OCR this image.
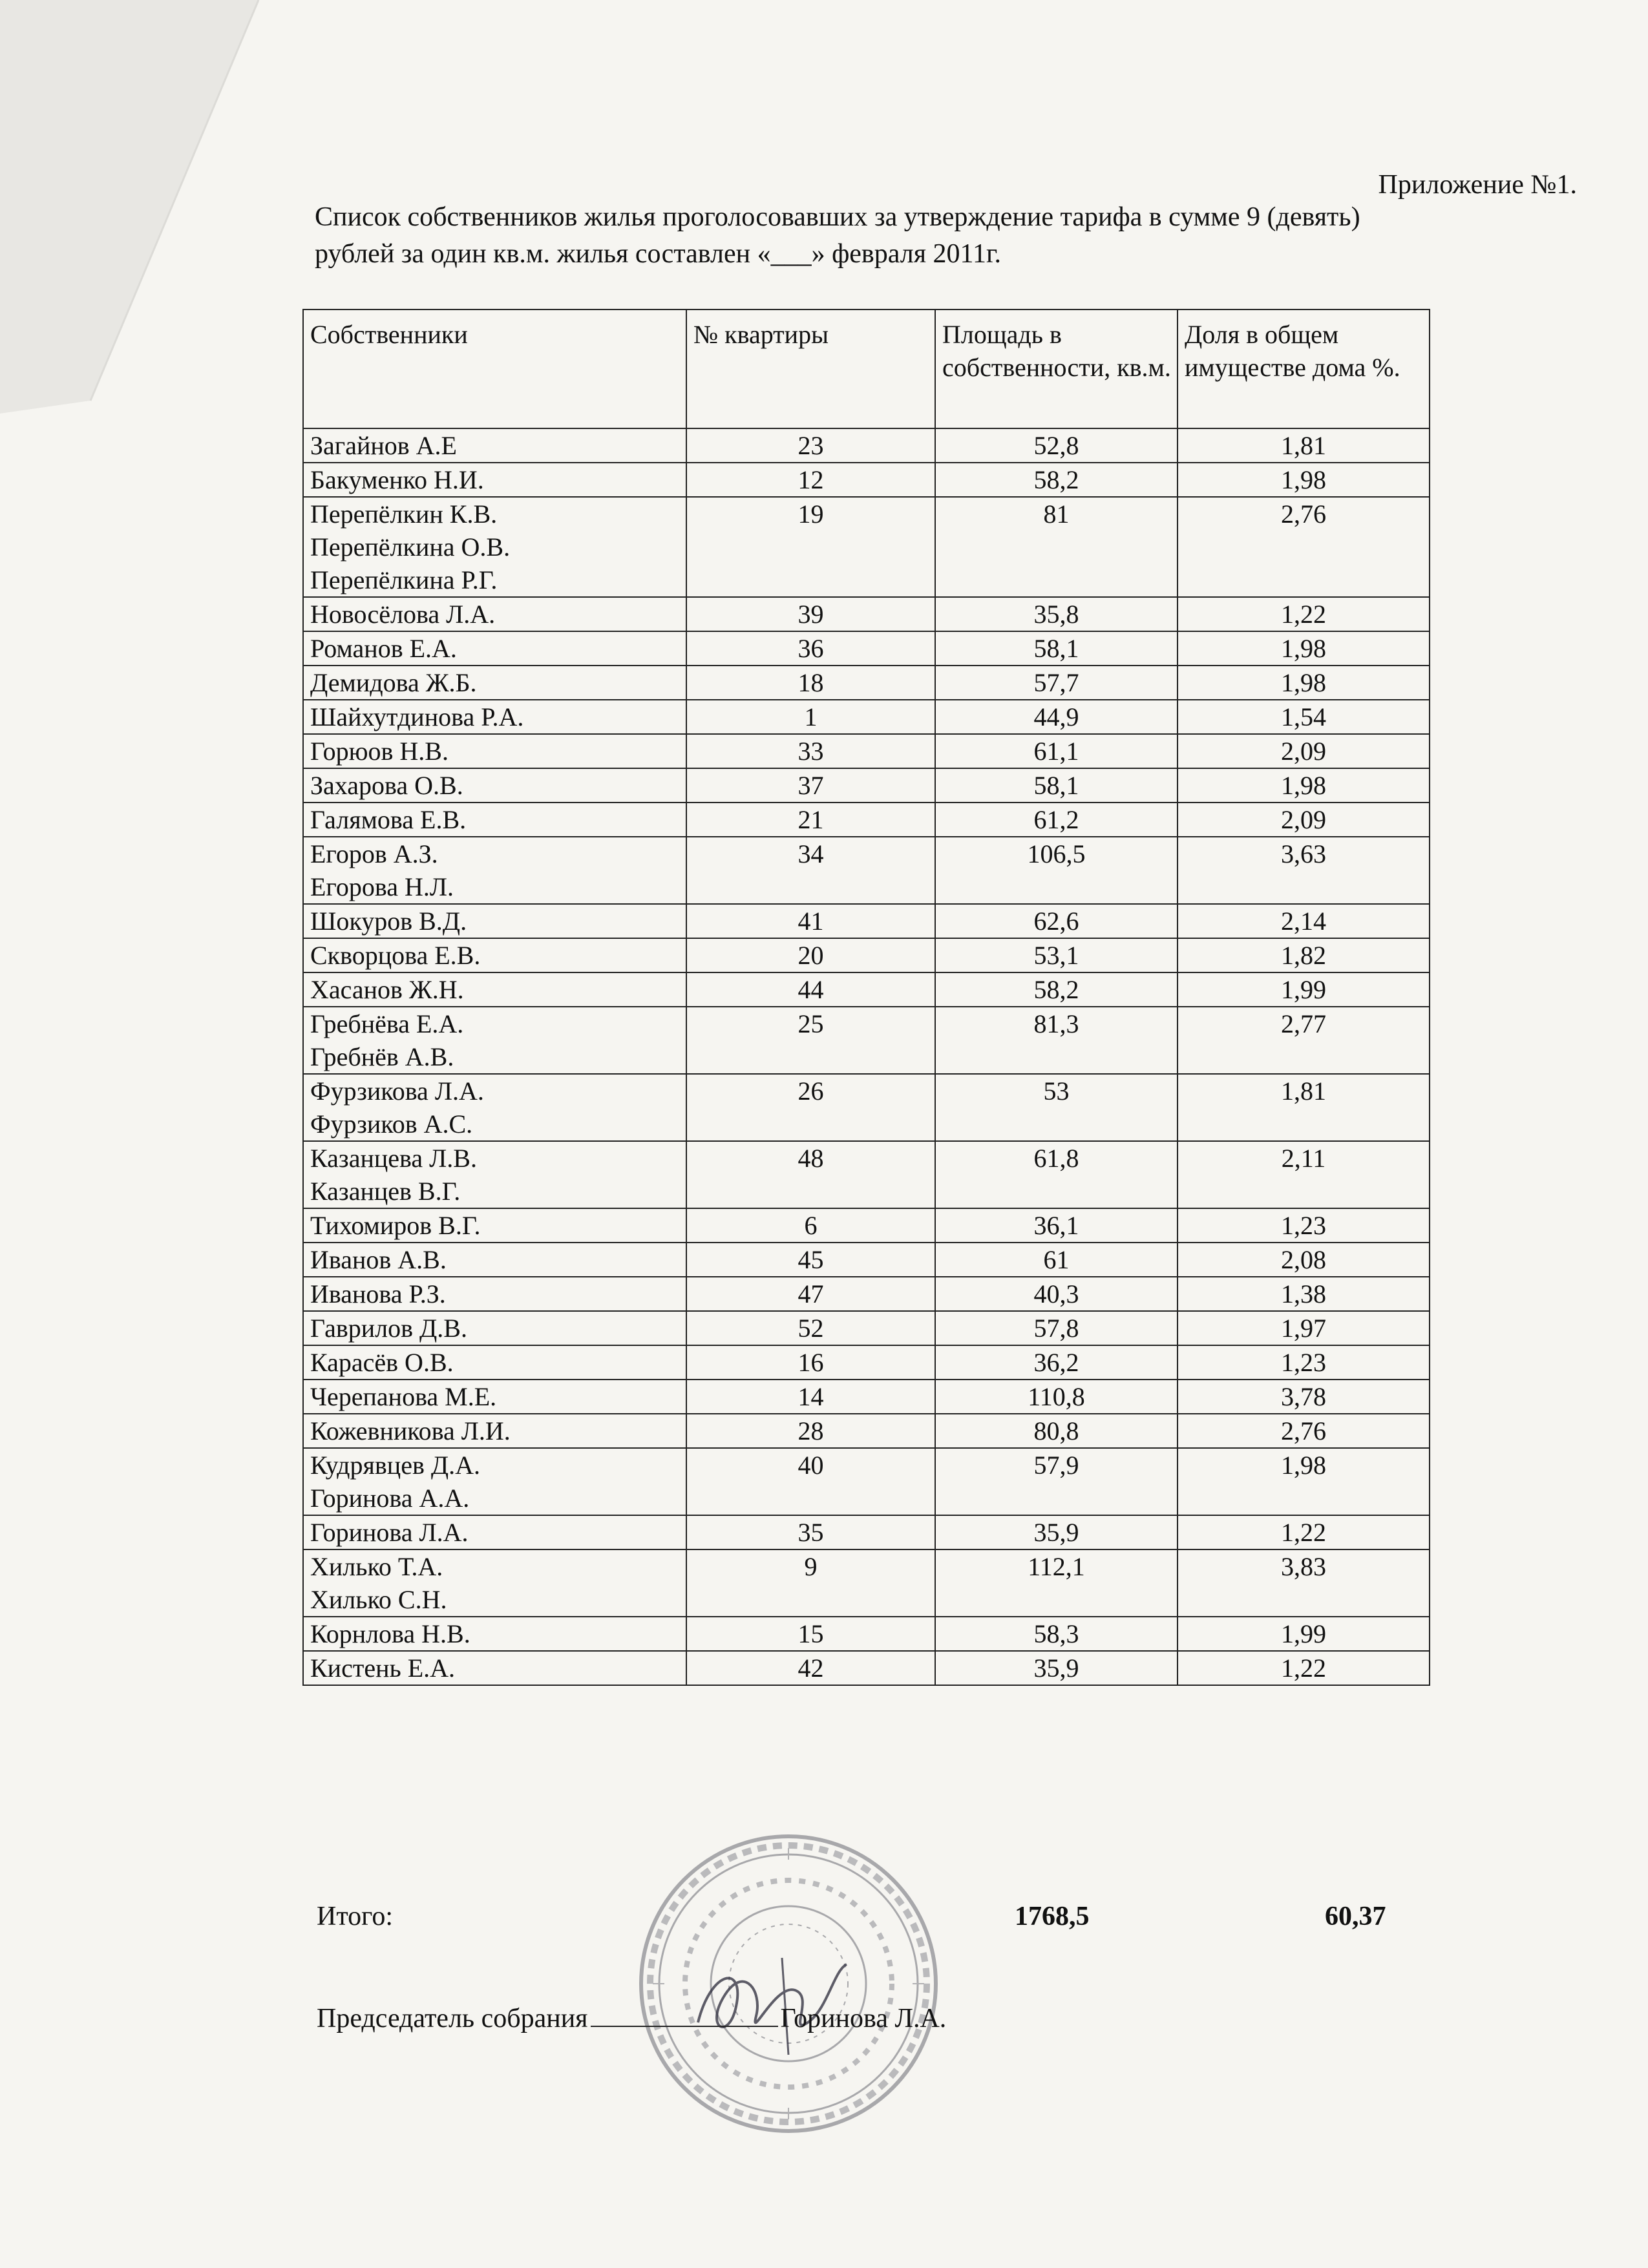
Приложение №1.
Список собственников жилья проголосовавших за утверждение тарифа в сумме 9 (девять)
рублей за один кв.м. жилья составлен «___» февраля 2011г.
Собственники	№ квартиры	Площадь в собственности, кв.м.	Доля в общем имуществе дома %.

Загайнов А.Е	23	52,8	1,81

Бакуменко Н.И.	12	58,2	1,98

Перепёлкин К.В.
Перепёлкина О.В.
Перепёлкина Р.Г.	19	81	2,76

Новосёлова Л.А.	39	35,8	1,22

Романов Е.А.	36	58,1	1,98

Демидова Ж.Б.	18	57,7	1,98

Шайхутдинова Р.А.	1	44,9	1,54

Горюов Н.В.	33	61,1	2,09

Захарова О.В.	37	58,1	1,98

Галямова Е.В.	21	61,2	2,09

Егоров А.З.
Егорова Н.Л.	34	106,5	3,63

Шокуров В.Д.	41	62,6	2,14

Скворцова Е.В.	20	53,1	1,82

Хасанов Ж.Н.	44	58,2	1,99

Гребнёва Е.А.
Гребнёв А.В.	25	81,3	2,77

Фурзикова Л.А.
Фурзиков А.С.	26	53	1,81

Казанцева Л.В.
Казанцев В.Г.	48	61,8	2,11

Тихомиров В.Г.	6	36,1	1,23

Иванов А.В.	45	61	2,08

Иванова Р.З.	47	40,3	1,38

Гаврилов Д.В.	52	57,8	1,97

Карасёв О.В.	16	36,2	1,23

Черепанова М.Е.	14	110,8	3,78

Кожевникова Л.И.	28	80,8	2,76

Кудрявцев Д.А.
Горинова А.А.	40	57,9	1,98

Горинова Л.А.	35	35,9	1,22

Хилько Т.А.
Хилько С.Н.	9	112,1	3,83

Корнлова Н.В.	15	58,3	1,99

Кистень Е.А.	42	35,9	1,22
Итого:	1768,5	60,37
Председатель собрания	Горинова Л.А.
